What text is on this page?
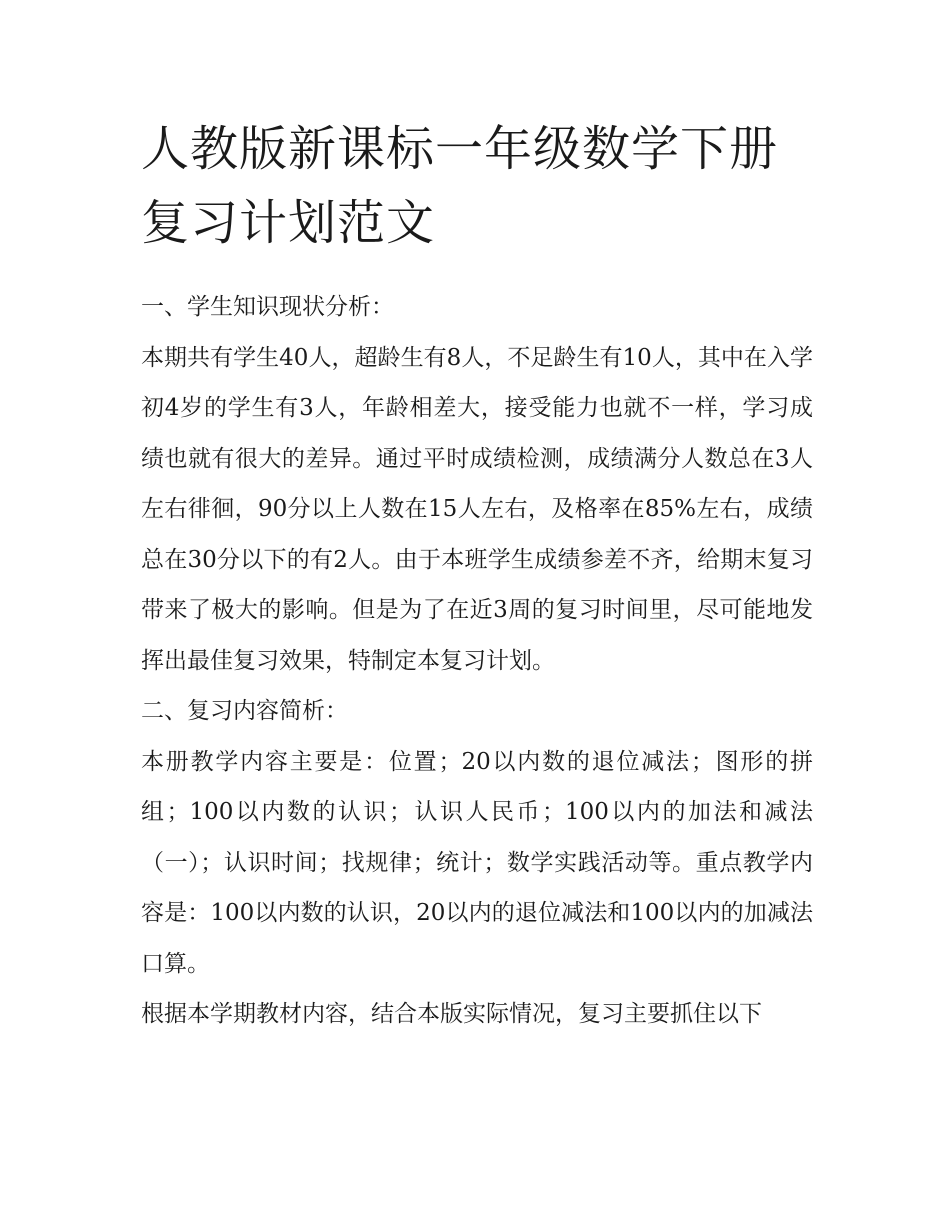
人教版新课标一年级数学下册复习计划范文

一、学生知识现状分析：

本期共有学生40人，超龄生有8人，不足龄生有10人，其中在入学初4岁的学生有3人，年龄相差大，接受能力也就不一样，学习成绩也就有很大的差异。通过平时成绩检测，成绩满分人数总在3人左右徘徊，90分以上人数在15人左右，及格率在85%左右，成绩总在30分以下的有2人。由于本班学生成绩参差不齐，给期末复习带来了极大的影响。但是为了在近3周的复习时间里，尽可能地发挥出最佳复习效果，特制定本复习计划。

二、复习内容简析：

本册教学内容主要是：位置；20以内数的退位减法；图形的拼组；100以内数的认识；认识人民币；100以内的加法和减法（一）；认识时间；找规律；统计；数学实践活动等。重点教学内容是：100以内数的认识，20以内的退位减法和100以内的加减法口算。

根据本学期教材内容，结合本版实际情况，复习主要抓住以下
